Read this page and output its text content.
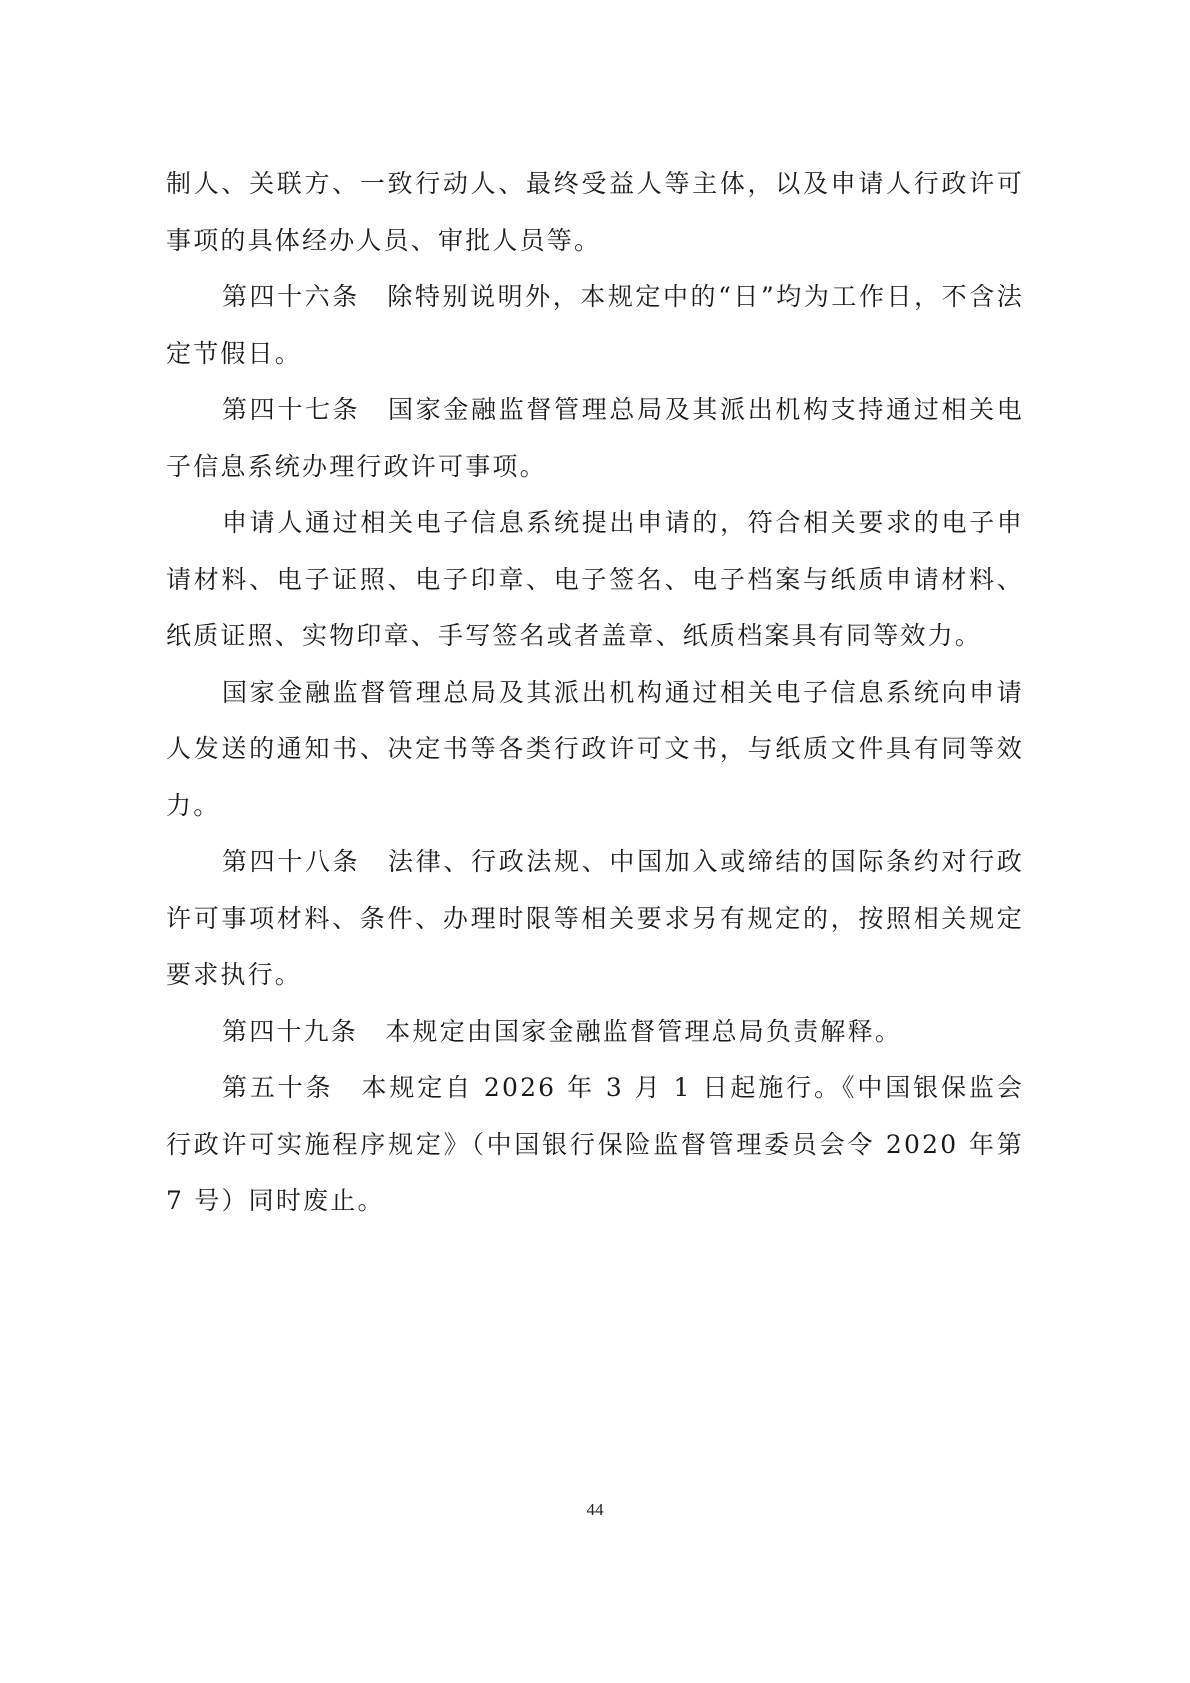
制人、关联方、一致行动人、最终受益人等主体，以及申请人行政许可事项的具体经办人员、审批人员等。

第四十六条　除特别说明外，本规定中的“日”均为工作日，不含法定节假日。

第四十七条　国家金融监督管理总局及其派出机构支持通过相关电子信息系统办理行政许可事项。

申请人通过相关电子信息系统提出申请的，符合相关要求的电子申请材料、电子证照、电子印章、电子签名、电子档案与纸质申请材料、纸质证照、实物印章、手写签名或者盖章、纸质档案具有同等效力。

国家金融监督管理总局及其派出机构通过相关电子信息系统向申请人发送的通知书、决定书等各类行政许可文书，与纸质文件具有同等效力。

第四十八条　法律、行政法规、中国加入或缔结的国际条约对行政许可事项材料、条件、办理时限等相关要求另有规定的，按照相关规定要求执行。

第四十九条　本规定由国家金融监督管理总局负责解释。

第五十条　本规定自 2026 年 3 月 1 日起施行。《中国银保监会行政许可实施程序规定》（中国银行保险监督管理委员会令 2020 年第 7 号）同时废止。

44
